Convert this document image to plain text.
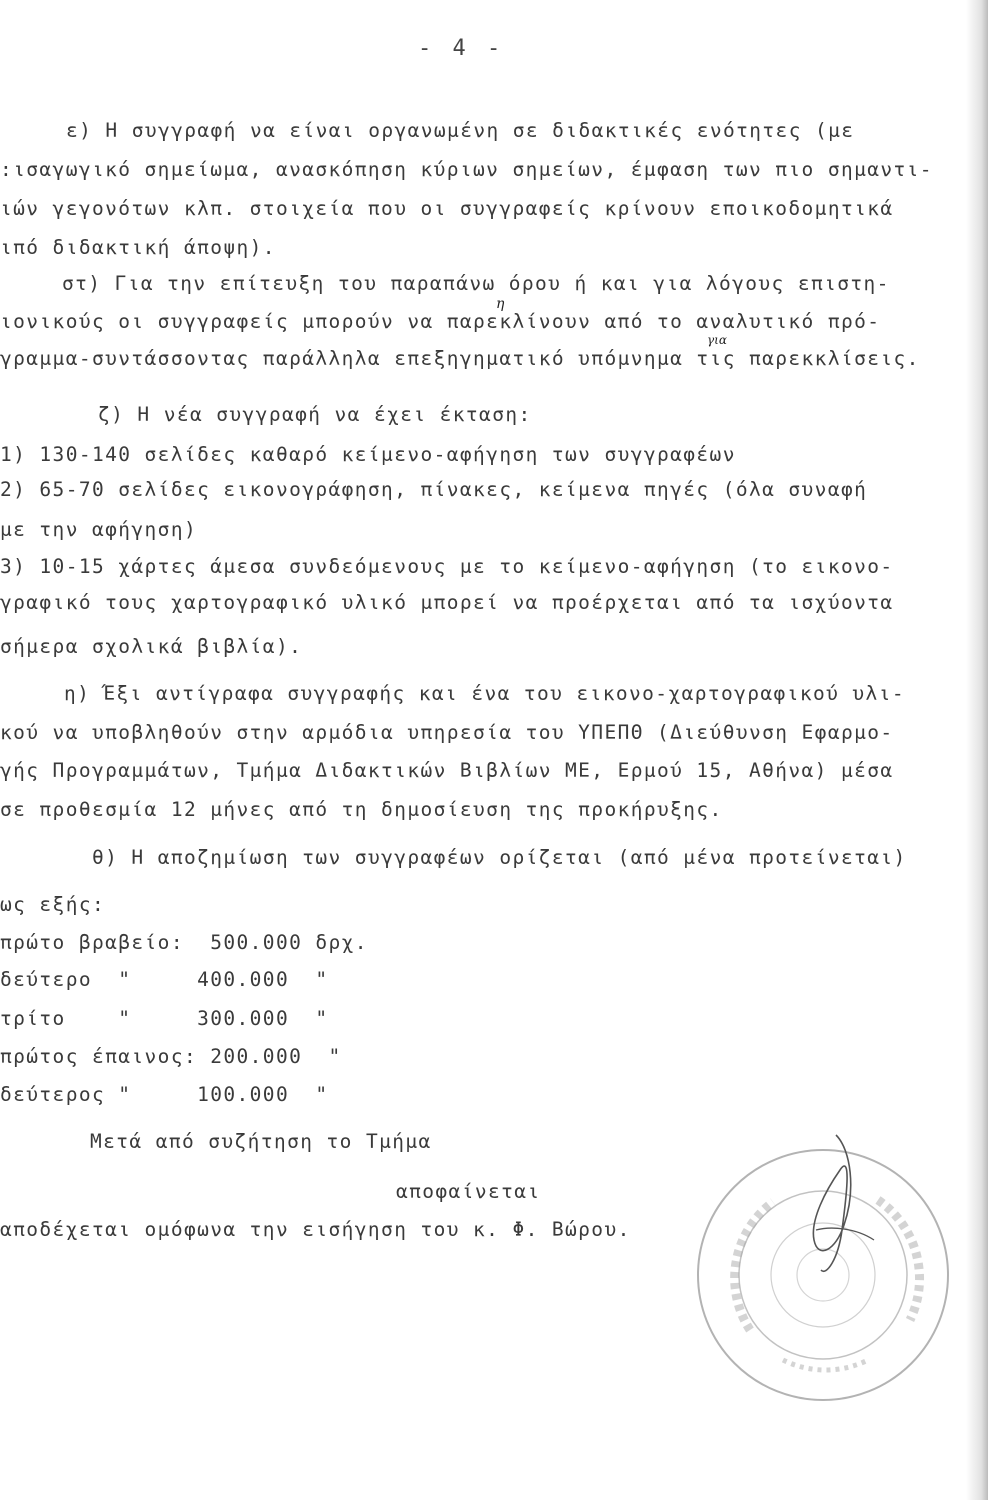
- 4 -
ε) Η συγγραφή να είναι οργανωμένη σε διδακτικές ενότητες (με
:ισαγωγικό σημείωμα, ανασκόπηση κύριων σημείων, έμφαση των πιο σημαντι-
ιών γεγονότων κλπ. στοιχεία που οι συγγραφείς κρίνουν εποικοδομητικά
ιπό διδακτική άποψη).
στ) Για την επίτευξη του παραπάνω όρου ή και για λόγους επιστη-
ιονικούς οι συγγραφείς μπορούν να παρεκλίνουν από το αναλυτικό πρό-
γραμμα-συντάσσοντας παράλληλα επεξηγηματικό υπόμνημα τις παρεκκλίσεις.
η
για
ζ) Η νέα συγγραφή να έχει έκταση:
1) 130-140 σελίδες καθαρό κείμενο-αφήγηση των συγγραφέων
2) 65-70 σελίδες εικονογράφηση, πίνακες, κείμενα πηγές (όλα συναφή
με την αφήγηση)
3) 10-15 χάρτες άμεσα συνδεόμενους με το κείμενο-αφήγηση (το εικονο-
γραφικό τους χαρτογραφικό υλικό μπορεί να προέρχεται από τα ισχύοντα
σήμερα σχολικά βιβλία).
η) Έξι αντίγραφα συγγραφής και ένα του εικονο-χαρτογραφικού υλι-
κού να υποβληθούν στην αρμόδια υπηρεσία του ΥΠΕΠΘ (Διεύθυνση Εφαρμο-
γής Προγραμμάτων, Τμήμα Διδακτικών Βιβλίων ΜΕ, Ερμού 15, Αθήνα) μέσα
σε προθεσμία 12 μήνες από τη δημοσίευση της προκήρυξης.
θ) Η αποζημίωση των συγγραφέων ορίζεται (από μένα προτείνεται)
ως εξής:
πρώτο βραβείο:  500.000 δρχ.
δεύτερο  "     400.000  "
τρίτο    "     300.000  "
πρώτος έπαινος: 200.000  "
δεύτερος "     100.000  "
Μετά από συζήτηση το Τμήμα
αποφαίνεται
αποδέχεται ομόφωνα την εισήγηση του κ. Φ. Βώρου.
